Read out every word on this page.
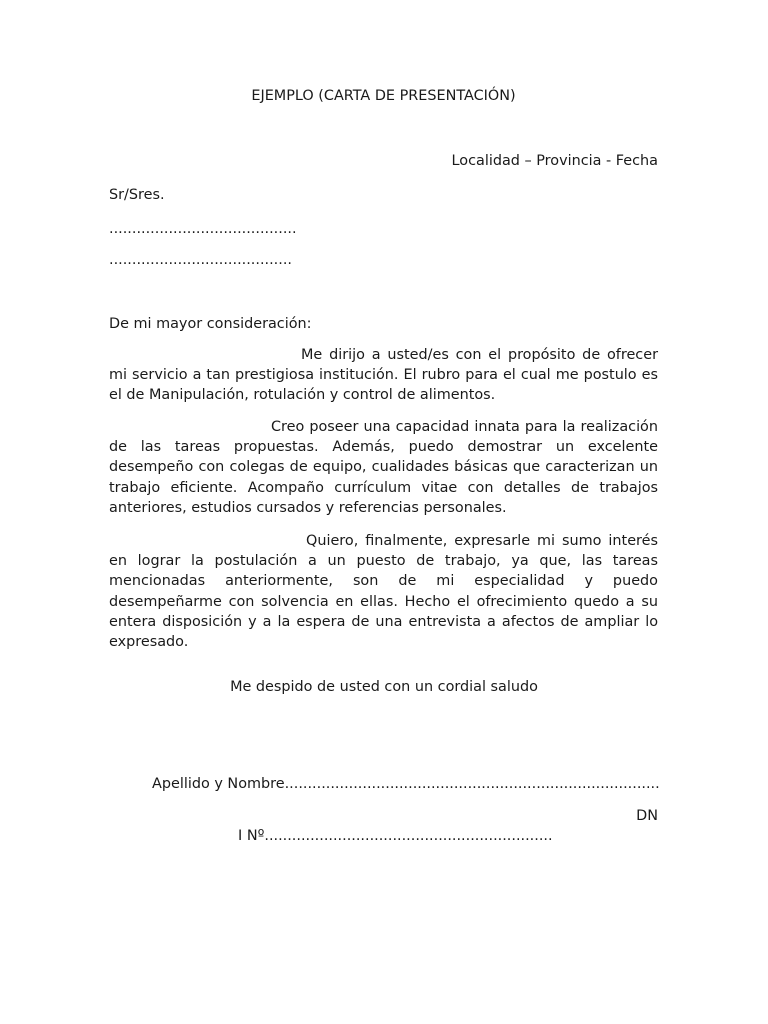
EJEMPLO (CARTA DE PRESENTACIÓN)
Localidad – Provincia - Fecha
Sr/Sres.
.........................................
........................................
De mi mayor consideración:
Me dirijo a usted/es con el propósito de ofrecer mi servicio a tan prestigiosa institución. El rubro para el cual me postulo es el de Manipulación, rotulación y control de alimentos.
Creo poseer una capacidad innata para la realización de las tareas propuestas. Además, puedo demostrar un excelente desempeño con colegas de equipo, cualidades básicas que caracterizan un trabajo eficiente. Acompaño currículum vitae con detalles de trabajos anteriores, estudios cursados y referencias personales.
Quiero, finalmente, expresarle mi sumo interés en lograr la postulación a un puesto de trabajo, ya que, las tareas mencionadas anteriormente, son de mi especialidad y puedo desempeñarme con solvencia en ellas. Hecho el ofrecimiento quedo a su entera disposición y a la espera de una entrevista a afectos de ampliar lo expresado.
Me despido de usted con un cordial saludo
Apellido y Nombre..................................................................................
DN
I Nº...............................................................
